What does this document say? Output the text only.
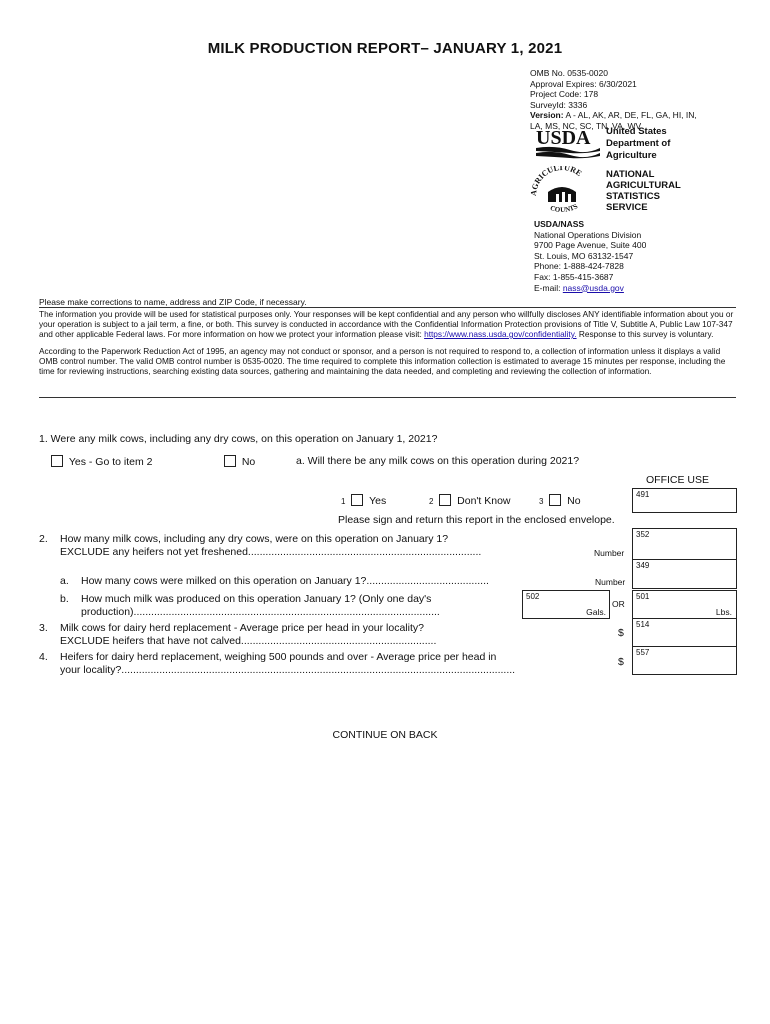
MILK PRODUCTION REPORT– JANUARY 1, 2021
OMB No. 0535-0020
Approval Expires: 6/30/2021
Project Code: 178
SurveyId: 3336
Version: A - AL, AK, AR, DE, FL, GA, HI, IN,
LA, MS, NC, SC, TN, VA, WV
USDA United States
Department of
Agriculture
AGRICULTURE
COUNTS
NATIONAL
AGRICULTURAL
STATISTICS
SERVICE
USDA/NASS
National Operations Division
9700 Page Avenue, Suite 400
St. Louis, MO 63132-1547
Phone: 1-888-424-7828
Fax: 1-855-415-3687
E-mail: nass@usda.gov
Please make corrections to name, address and ZIP Code, if necessary.

The information you provide will be used for statistical purposes only. Your responses will be kept confidential and any person who willfully discloses ANY identifiable information about you or your operation is subject to a jail term, a fine, or both. This survey is conducted in accordance with the Confidential Information Protection provisions of Title V, Subtitle A, Public Law 107-347 and other applicable Federal laws. For more information on how we protect your information please visit: https://www.nass.usda.gov/confidentiality. Response to this survey is voluntary.

According to the Paperwork Reduction Act of 1995, an agency may not conduct or sponsor, and a person is not required to respond to, a collection of information unless it displays a valid OMB control number. The valid OMB control number is 0535-0020. The time required to complete this information collection is estimated to average 15 minutes per response, including the time for reviewing instructions, searching existing data sources, gathering and maintaining the data needed, and completing and reviewing the collection of information.

1. Were any milk cows, including any dry cows, on this operation on January 1, 2021?
Yes - Go to item 2	No	a. Will there be any milk cows on this operation during 2021?
OFFICE USE
491
1 Yes	2 Don't Know	3 No
Please sign and return this report in the enclosed envelope.
2. How many milk cows, including any dry cows, were on this operation on January 1?
EXCLUDE any heifers not yet freshened................................................................................	Number
352
349
a. How many cows were milked on this operation on January 1?..........................................	Number
b. How much milk was produced on this operation January 1? (Only one day's
production).........................................................................................................
502
Gals.
OR
501
Lbs.
3. Milk cows for dairy herd replacement - Average price per head in your locality?
EXCLUDE heifers that have not calved...................................................................
$
514
4. Heifers for dairy herd replacement, weighing 500 pounds and over - Average price per head in
your locality?.......................................................................................................................................
$
557
CONTINUE ON BACK
